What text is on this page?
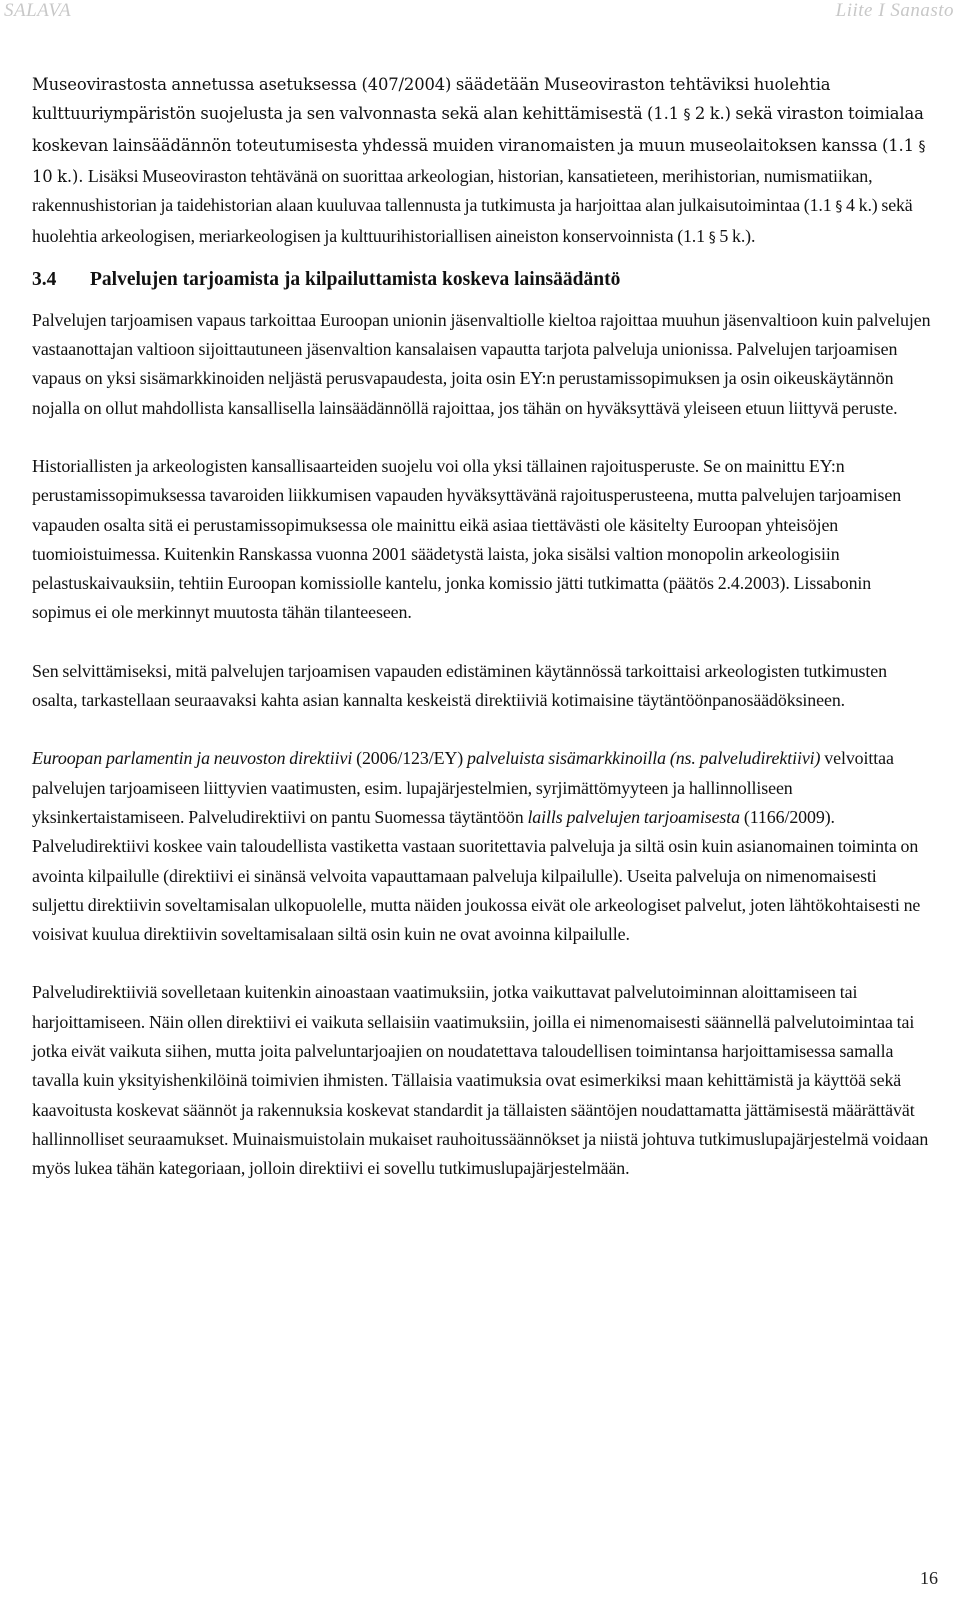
SALAVA	Liite I Sanasto

Museovirastosta annetussa asetuksessa (407/2004) säädetään Museoviraston tehtäviksi huolehtia kulttuuriympäristön suojelusta ja sen valvonnasta sekä alan kehittämisestä (1.1 § 2 k.) sekä viraston toimialaa koskevan lainsäädännön toteutumisesta yhdessä muiden viranomaisten ja muun museolaitoksen kanssa (1.1 § 10 k.). Lisäksi Museoviraston tehtävänä on suorittaa arkeologian, historian, kansatieteen, merihistorian, numismatiikan, rakennushistorian ja taidehistorian alaan kuuluvaa tallennusta ja tutkimusta ja harjoittaa alan julkaisutoimintaa (1.1 § 4 k.) sekä huolehtia arkeologisen, meriarkeologisen ja kulttuurihistoriallisen aineiston konservoinnista (1.1 § 5 k.).

3.4 Palvelujen tarjoamista ja kilpailuttamista koskeva lainsäädäntö

Palvelujen tarjoamisen vapaus tarkoittaa Euroopan unionin jäsenvaltiolle kieltoa rajoittaa muuhun jäsenvaltioon kuin palvelujen vastaanottajan valtioon sijoittautuneen jäsenvaltion kansalaisen vapautta tarjota palveluja unionissa. Palvelujen tarjoamisen vapaus on yksi sisämarkkinoiden neljästä perusvapaudesta, joita osin EY:n perustamissopimuksen ja osin oikeuskäytännön nojalla on ollut mahdollista kansallisella lainsäädännöllä rajoittaa, jos tähän on hyväksyttävä yleiseen etuun liittyvä peruste.

Historiallisten ja arkeologisten kansallisaarteiden suojelu voi olla yksi tällainen rajoitusperuste. Se on mainittu EY:n perustamissopimuksessa tavaroiden liikkumisen vapauden hyväksyttävänä rajoitusperusteena, mutta palvelujen tarjoamisen vapauden osalta sitä ei perustamissopimuksessa ole mainittu eikä asiaa tiettävästi ole käsitelty Euroopan yhteisöjen tuomioistuimessa. Kuitenkin Ranskassa vuonna 2001 säädetystä laista, joka sisälsi valtion monopolin arkeologisiin pelastuskaivauksiin, tehtiin Euroopan komissiolle kantelu, jonka komissio jätti tutkimatta (päätös 2.4.2003). Lissabonin sopimus ei ole merkinnyt muutosta tähän tilanteeseen.

Sen selvittämiseksi, mitä palvelujen tarjoamisen vapauden edistäminen käytännössä tarkoittaisi arkeologisten tutkimusten osalta, tarkastellaan seuraavaksi kahta asian kannalta keskeistä direktiiviä kotimaisine täytäntöönpanosäädöksineen.

Euroopan parlamentin ja neuvoston direktiivi (2006/123/EY) palveluista sisämarkkinoilla (ns. palveludirektiivi) velvoittaa palvelujen tarjoamiseen liittyvien vaatimusten, esim. lupajärjestelmien, syrjimättömyyteen ja hallinnolliseen yksinkertaistamiseen. Palveludirektiivi on pantu Suomessa täytäntöön laills palvelujen tarjoamisesta (1166/2009). Palveludirektiivi koskee vain taloudellista vastiketta vastaan suoritettavia palveluja ja siltä osin kuin asianomainen toiminta on avointa kilpailulle (direktiivi ei sinänsä velvoita vapauttamaan palveluja kilpailulle). Useita palveluja on nimenomaisesti suljettu direktiivin soveltamisalan ulkopuolelle, mutta näiden joukossa eivät ole arkeologiset palvelut, joten lähtökohtaisesti ne voisivat kuulua direktiivin soveltamisalaan siltä osin kuin ne ovat avoinna kilpailulle.

Palveludirektiiviä sovelletaan kuitenkin ainoastaan vaatimuksiin, jotka vaikuttavat palvelutoiminnan aloittamiseen tai harjoittamiseen. Näin ollen direktiivi ei vaikuta sellaisiin vaatimuksiin, joilla ei nimenomaisesti säännellä palvelutoimintaa tai jotka eivät vaikuta siihen, mutta joita palveluntarjoajien on noudatettava taloudellisen toimintansa harjoittamisessa samalla tavalla kuin yksityishenkilöinä toimivien ihmisten. Tällaisia vaatimuksia ovat esimerkiksi maan kehittämistä ja käyttöä sekä kaavoitusta koskevat säännöt ja rakennuksia koskevat standardit ja tällaisten sääntöjen noudattamatta jättämisestä määrättävät hallinnolliset seuraamukset. Muinaismuistolain mukaiset rauhoitussäännökset ja niistä johtuva tutkimuslupajärjestelmä voidaan myös lukea tähän kategoriaan, jolloin direktiivi ei sovellu tutkimuslupajärjestelmään.

16
